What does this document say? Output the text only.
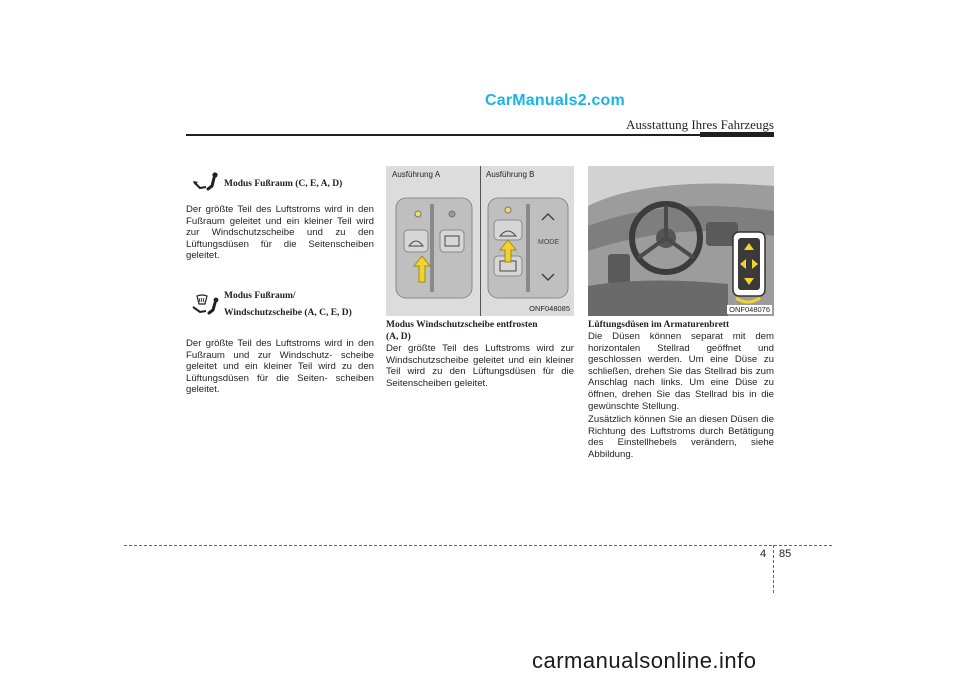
CarManuals2.com
Ausstattung Ihres Fahrzeugs
Modus Fußraum (C, E, A, D)

Der größte Teil des Luftstroms wird in den Fußraum geleitet und ein kleiner Teil wird zur Windschutzscheibe und zu den Lüftungsdüsen für die Seitenscheiben geleitet.

Modus Fußraum/
Windschutzscheibe (A, C, E, D)

Der größte Teil des Luftstroms wird in den Fußraum und zur Windschutz- scheibe geleitet und ein kleiner Teil wird zu den Lüftungsdüsen für die Seiten- scheiben geleitet.

Ausführung A	Ausführung B
MODE
ONF048085
Modus Windschutzscheibe entfrosten
(A, D)

Der größte Teil des Luftstroms wird zur Windschutzscheibe geleitet und ein kleiner Teil wird zu den Lüftungsdüsen für die Seitenscheiben geleitet.

ONF048076
Lüftungsdüsen im Armaturenbrett

Die Düsen können separat mit dem horizontalen Stellrad geöffnet und geschlossen werden. Um eine Düse zu schließen, drehen Sie das Stellrad bis zum Anschlag nach links. Um eine Düse zu öffnen, drehen Sie das Stellrad bis in die gewünschte Stellung.

Zusätzlich können Sie an diesen Düsen die Richtung des Luftstroms durch Betätigung des Einstellhebels verändern, siehe Abbildung.

4 85
carmanualsonline.info
